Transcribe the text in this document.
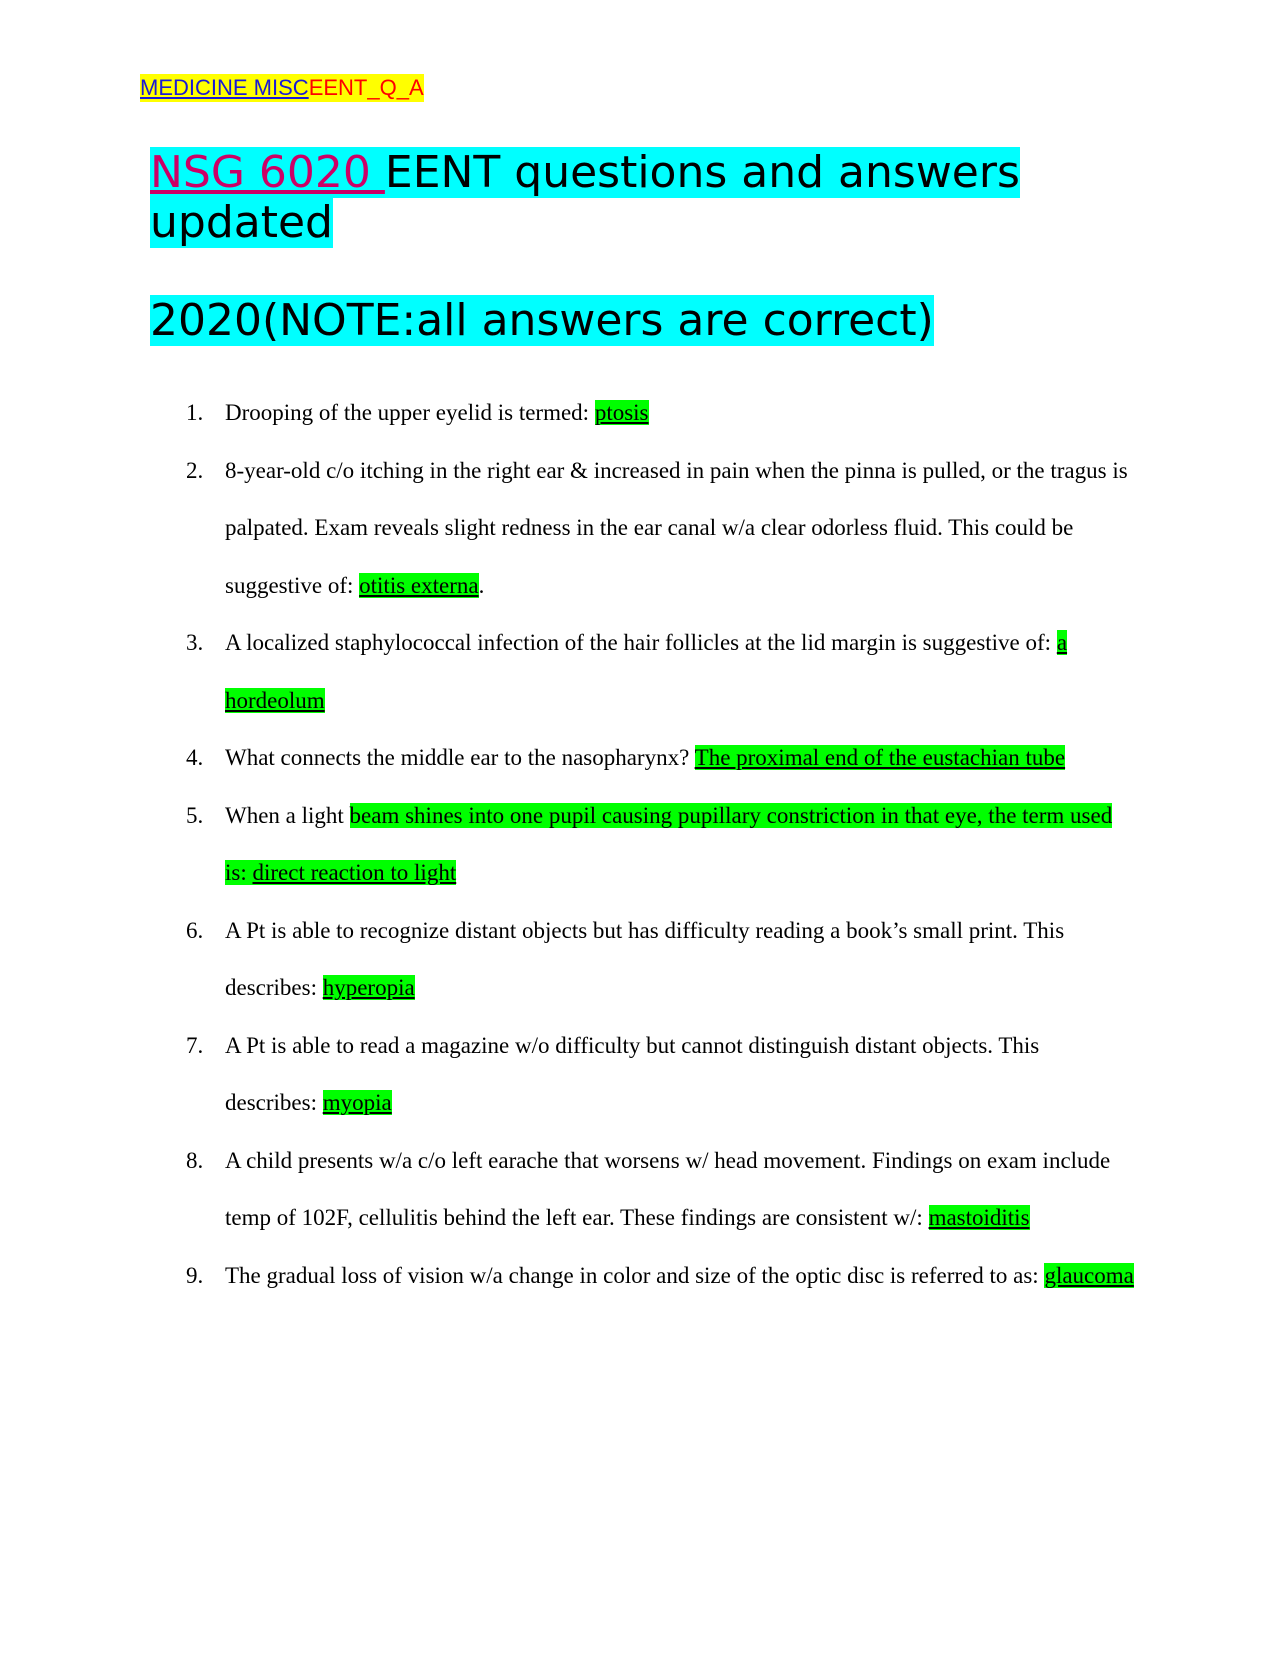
MEDICINE MISCEENT_Q_A
NSG 6020 EENT questions and answers updated
2020(NOTE:all answers are correct)
1. Drooping of the upper eyelid is termed: ptosis
2. 8-year-old c/o itching in the right ear & increased in pain when the pinna is pulled, or the tragus is palpated. Exam reveals slight redness in the ear canal w/a clear odorless fluid. This could be suggestive of: otitis externa.
3. A localized staphylococcal infection of the hair follicles at the lid margin is suggestive of: a hordeolum
4. What connects the middle ear to the nasopharynx? The proximal end of the eustachian tube
5. When a light beam shines into one pupil causing pupillary constriction in that eye, the term used is: direct reaction to light
6. A Pt is able to recognize distant objects but has difficulty reading a book’s small print. This describes: hyperopia
7. A Pt is able to read a magazine w/o difficulty but cannot distinguish distant objects. This describes: myopia
8. A child presents w/a c/o left earache that worsens w/ head movement. Findings on exam include temp of 102F, cellulitis behind the left ear. These findings are consistent w/: mastoiditis
9. The gradual loss of vision w/a change in color and size of the optic disc is referred to as: glaucoma
